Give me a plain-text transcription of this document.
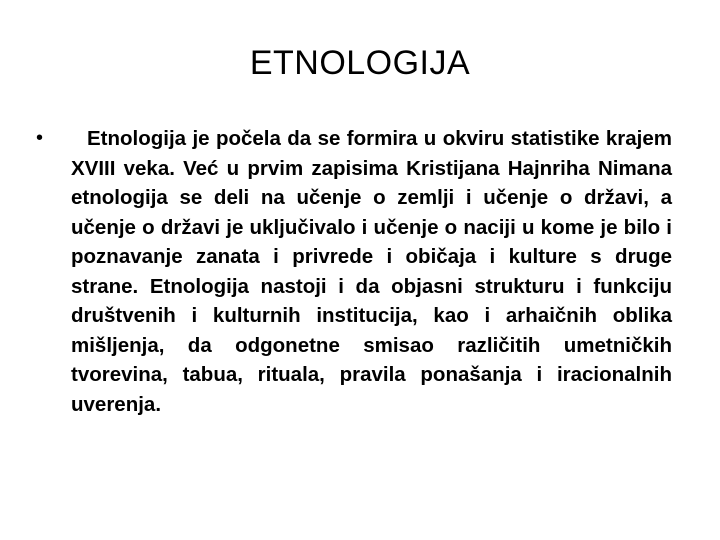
ETNOLOGIJA
•	Etnologija je počela da se formira u okviru statistike krajem XVIII veka. Već u prvim zapisima Kristijana Hajnriha Nimana etnologija se deli na učenje o zemlji i učenje o državi, a učenje o državi je uključivalo i učenje o naciji u kome je bilo i poznavanje zanata i privrede i običaja i kulture s druge strane. Etnologija nastoji i da objasni strukturu i funkciju društvenih i kulturnih institucija, kao i arhaičnih oblika mišljenja, da odgonetne smisao različitih umetničkih tvorevina, tabua, rituala, pravila ponašanja i iracionalnih uverenja.
